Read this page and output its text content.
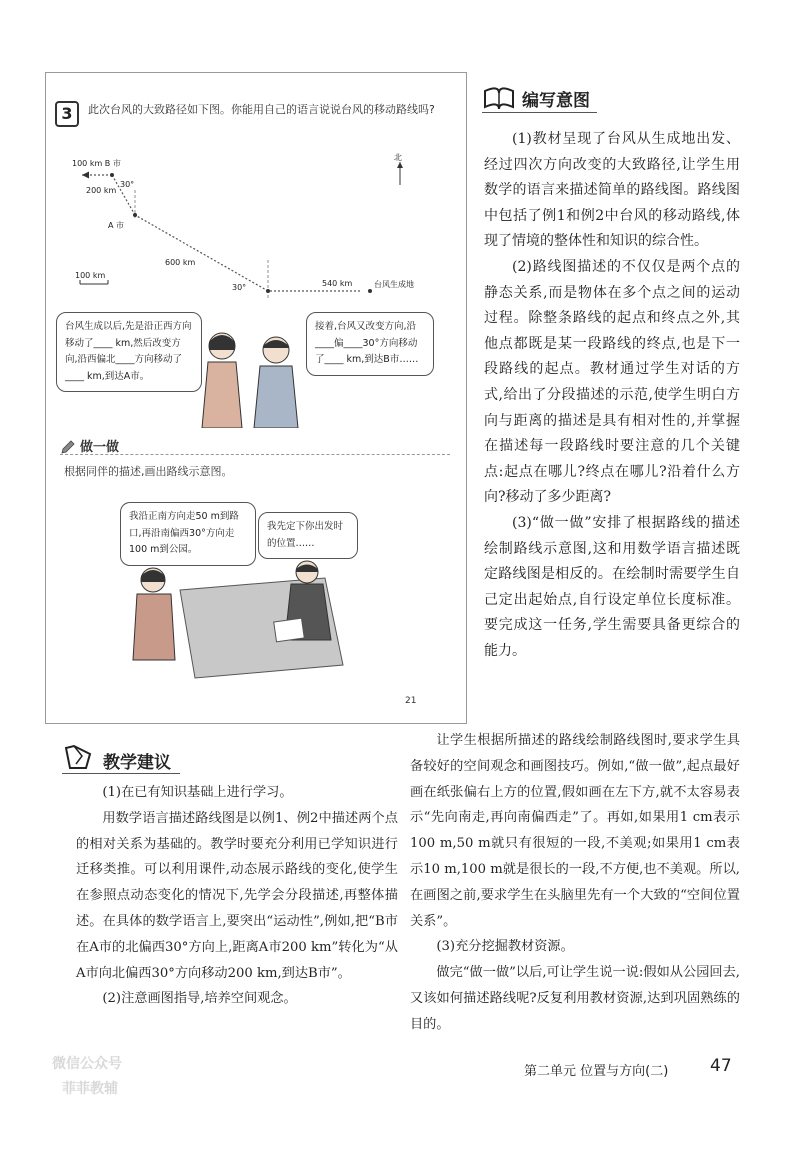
3	此次台风的大致路径如下图。你能用自己的语言说说台风的移动路线吗?
北
100 km B 市
200 km
30°
A 市
600 km
100 km
30°	540 km	台风生成地
台风生成以后,先是沿正西方向移动了____ km,然后改变方向,沿西偏北____方向移动了____ km,到达A市。
接着,台风又改变方向,沿____偏____30°方向移动了____ km,到达B市……
做一做
根据同伴的描述,画出路线示意图。
我沿正南方向走50 m到路口,再沿南偏西30°方向走100 m到公园。
我先定下你出发时的位置……
21
编写意图

(1)教材呈现了台风从生成地出发、经过四次方向改变的大致路径,让学生用数学的语言来描述简单的路线图。路线图中包括了例1和例2中台风的移动路线,体现了情境的整体性和知识的综合性。

(2)路线图描述的不仅仅是两个点的静态关系,而是物体在多个点之间的运动过程。除整条路线的起点和终点之外,其他点都既是某一段路线的终点,也是下一段路线的起点。教材通过学生对话的方式,给出了分段描述的示范,使学生明白方向与距离的描述是具有相对性的,并掌握在描述每一段路线时要注意的几个关键点:起点在哪儿?终点在哪儿?沿着什么方向?移动了多少距离?

(3)“做一做”安排了根据路线的描述绘制路线示意图,这和用数学语言描述既定路线图是相反的。在绘制时需要学生自己定出起始点,自行设定单位长度标准。要完成这一任务,学生需要具备更综合的能力。

教学建议

(1)在已有知识基础上进行学习。

用数学语言描述路线图是以例1、例2中描述两个点的相对关系为基础的。教学时要充分利用已学知识进行迁移类推。可以利用课件,动态展示路线的变化,使学生在参照点动态变化的情况下,先学会分段描述,再整体描述。在具体的数学语言上,要突出“运动性”,例如,把“B市在A市的北偏西30°方向上,距离A市200 km”转化为“从A市向北偏西30°方向移动200 km,到达B市”。

(2)注意画图指导,培养空间观念。

让学生根据所描述的路线绘制路线图时,要求学生具备较好的空间观念和画图技巧。例如,“做一做”,起点最好画在纸张偏右上方的位置,假如画在左下方,就不太容易表示“先向南走,再向南偏西走”了。再如,如果用1 cm表示100 m,50 m就只有很短的一段,不美观;如果用1 cm表示10 m,100 m就是很长的一段,不方便,也不美观。所以,在画图之前,要求学生在头脑里先有一个大致的“空间位置关系”。

(3)充分挖掘教材资源。

做完“做一做”以后,可让学生说一说:假如从公园回去,又该如何描述路线呢?反复利用教材资源,达到巩固熟练的目的。

第二单元 位置与方向(二) 47
微信公众号
菲菲教辅
